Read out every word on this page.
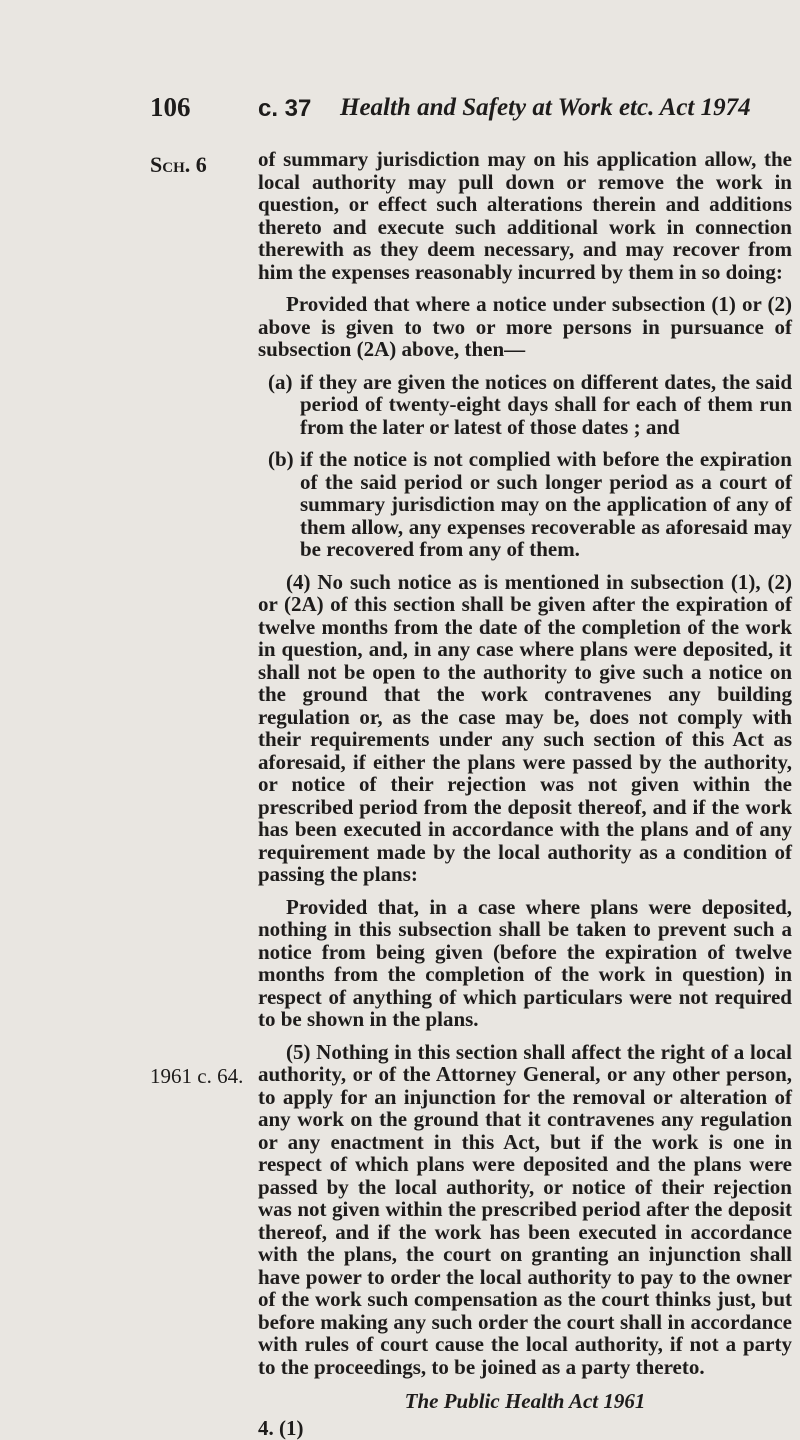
106	c. 37 Health and Safety at Work etc. Act 1974
Sch. 6
1961 c. 64.

of summary jurisdiction may on his application allow, the local authority may pull down or remove the work in question, or effect such alterations therein and additions thereto and execute such additional work in connection therewith as they deem necessary, and may recover from him the expenses reasonably incurred by them in so doing:

Provided that where a notice under subsection (1) or (2) above is given to two or more persons in pursuance of subsection (2A) above, then—

(a) if they are given the notices on different dates, the said period of twenty-eight days shall for each of them run from the later or latest of those dates ; and
(b) if the notice is not complied with before the expiration of the said period or such longer period as a court of summary jurisdiction may on the application of any of them allow, any expenses recoverable as aforesaid may be recovered from any of them.

(4) No such notice as is mentioned in subsection (1), (2) or (2A) of this section shall be given after the expiration of twelve months from the date of the completion of the work in question, and, in any case where plans were deposited, it shall not be open to the authority to give such a notice on the ground that the work contravenes any building regulation or, as the case may be, does not comply with their requirements under any such section of this Act as aforesaid, if either the plans were passed by the authority, or notice of their rejection was not given within the prescribed period from the deposit thereof, and if the work has been executed in accordance with the plans and of any requirement made by the local authority as a condition of passing the plans:

Provided that, in a case where plans were deposited, nothing in this subsection shall be taken to prevent such a notice from being given (before the expiration of twelve months from the completion of the work in question) in respect of anything of which particulars were not required to be shown in the plans.

(5) Nothing in this section shall affect the right of a local authority, or of the Attorney General, or any other person, to apply for an injunction for the removal or alteration of any work on the ground that it contravenes any regulation or any enactment in this Act, but if the work is one in respect of which plans were deposited and the plans were passed by the local authority, or notice of their rejection was not given within the prescribed period after the deposit thereof, and if the work has been executed in accordance with the plans, the court on granting an injunction shall have power to order the local authority to pay to the owner of the work such compensation as the court thinks just, but before making any such order the court shall in accordance with rules of court cause the local authority, if not a party to the proceedings, to be joined as a party thereto.

The Public Health Act 1961

4. (1)
